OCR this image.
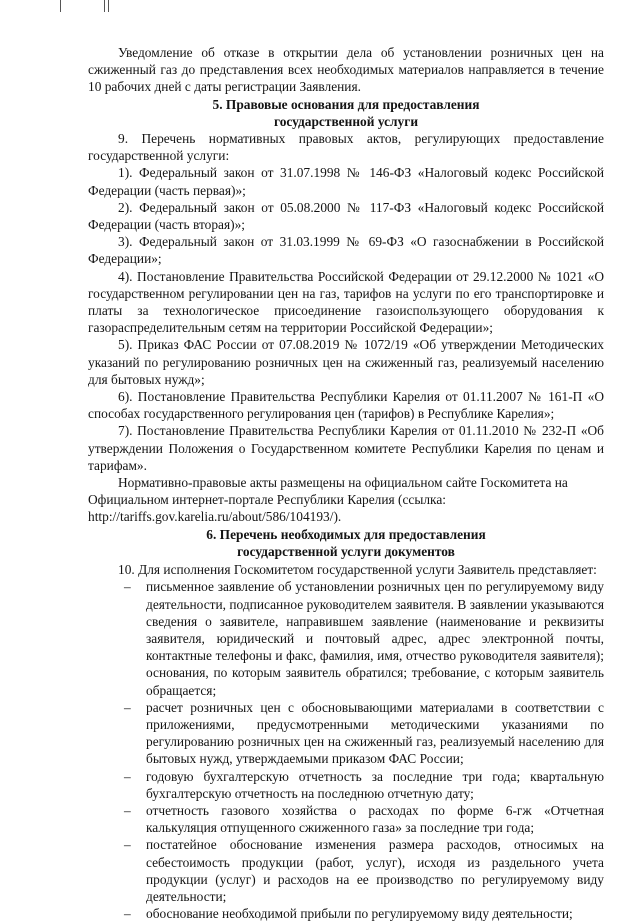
Уведомление об отказе в открытии дела об установлении розничных цен на сжиженный газ до представления всех необходимых материалов направляется в течение 10 рабочих дней с даты регистрации Заявления.

5. Правовые основания для предоставления

государственной услуги

9. Перечень нормативных правовых актов, регулирующих предоставление государственной услуги:

1). Федеральный закон от 31.07.1998 № 146-ФЗ «Налоговый кодекс Российской Федерации (часть первая)»;

2). Федеральный закон от 05.08.2000 № 117-ФЗ «Налоговый кодекс Российской Федерации (часть вторая)»;

3). Федеральный закон от 31.03.1999 № 69-ФЗ «О газоснабжении в Российской Федерации»;

4). Постановление Правительства Российской Федерации от 29.12.2000 № 1021 «О государственном регулировании цен на газ, тарифов на услуги по его транспортировке и платы за технологическое присоединение газоиспользующего оборудования к газораспределительным сетям на территории Российской Федерации»;

5). Приказ ФАС России от 07.08.2019 № 1072/19 «Об утверждении Методических указаний по регулированию розничных цен на сжиженный газ, реализуемый населению для бытовых нужд»;

6). Постановление Правительства Республики Карелия от 01.11.2007 № 161-П «О способах государственного регулирования цен (тарифов) в Республике Карелия»;

7). Постановление Правительства Республики Карелия от 01.11.2010 № 232-П «Об утверждении Положения о Государственном комитете Республики Карелия по ценам и тарифам».

Нормативно-правовые акты размещены на официальном сайте Госкомитета на Официальном интернет-портале Республики Карелия (ссылка: http://tariffs.gov.karelia.ru/about/586/104193/).

6. Перечень необходимых для предоставления

государственной услуги документов

10. Для исполнения Госкомитетом государственной услуги Заявитель представляет:

– письменное заявление об установлении розничных цен по регулируемому виду деятельности, подписанное руководителем заявителя. В заявлении указываются сведения о заявителе, направившем заявление (наименование и реквизиты заявителя, юридический и почтовый адрес, адрес электронной почты, контактные телефоны и факс, фамилия, имя, отчество руководителя заявителя); основания, по которым заявитель обратился; требование, с которым заявитель обращается;
– расчет розничных цен с обосновывающими материалами в соответствии с приложениями, предусмотренными методическими указаниями по регулированию розничных цен на сжиженный газ, реализуемый населению для бытовых нужд, утверждаемыми приказом ФАС России;
– годовую бухгалтерскую отчетность за последние три года; квартальную бухгалтерскую отчетность на последнюю отчетную дату;
– отчетность газового хозяйства о расходах по форме 6-гж «Отчетная калькуляция отпущенного сжиженного газа» за последние три года;
– постатейное обоснование изменения размера расходов, относимых на себестоимость продукции (работ, услуг), исходя из раздельного учета продукции (услуг) и расходов на ее производство по регулируемому виду деятельности;
– обоснование необходимой прибыли по регулируемому виду деятельности;
